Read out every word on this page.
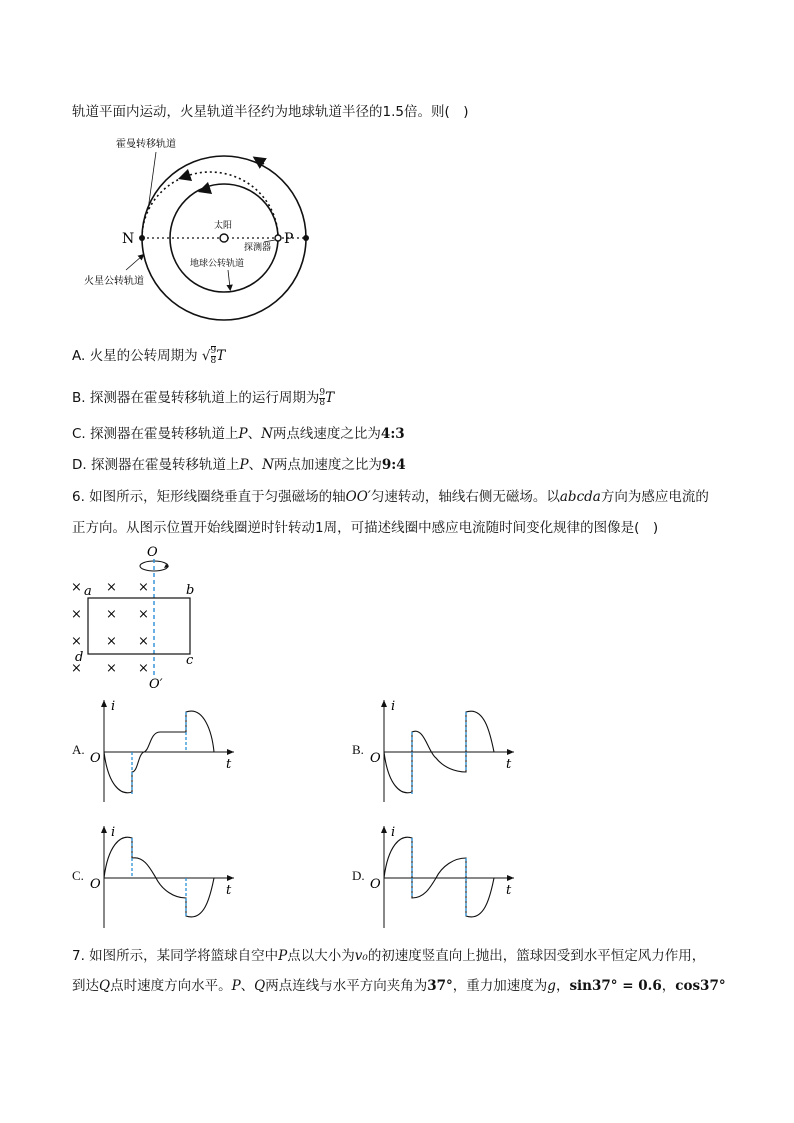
轨道平面内运动，火星轨道半径约为地球轨道半径的1.5倍。则(　)
霍曼转移轨道
太阳
探测器
地球公转轨道
火星公转轨道
N	P
A. 火星的公转周期为 √ $\frac{9}{8}$ T
B. 探测器在霍曼转移轨道上的运行周期为 $\frac{9}{8}$ T
C. 探测器在霍曼转移轨道上P、N两点线速度之比为4:3
D. 探测器在霍曼转移轨道上P、N两点加速度之比为9:4
6. 如图所示，矩形线圈绕垂直于匀强磁场的轴OO′匀速转动，轴线右侧无磁场。以abcda方向为感应电流的
正方向。从图示位置开始线圈逆时针转动1周，可描述线圈中感应电流随时间变化规律的图像是(　)
× × ×
× × ×
× × ×
× × ×
O
O′
a	b
c
d
A.
i
t
O
B.
i
t
O
C.
i
t
O
D.
i
t
O
7. 如图所示，某同学将篮球自空中P点以大小为v₀的初速度竖直向上抛出，篮球因受到水平恒定风力作用，
到达Q点时速度方向水平。P、Q两点连线与水平方向夹角为37°，重力加速度为g，sin37° = 0.6，cos37°
